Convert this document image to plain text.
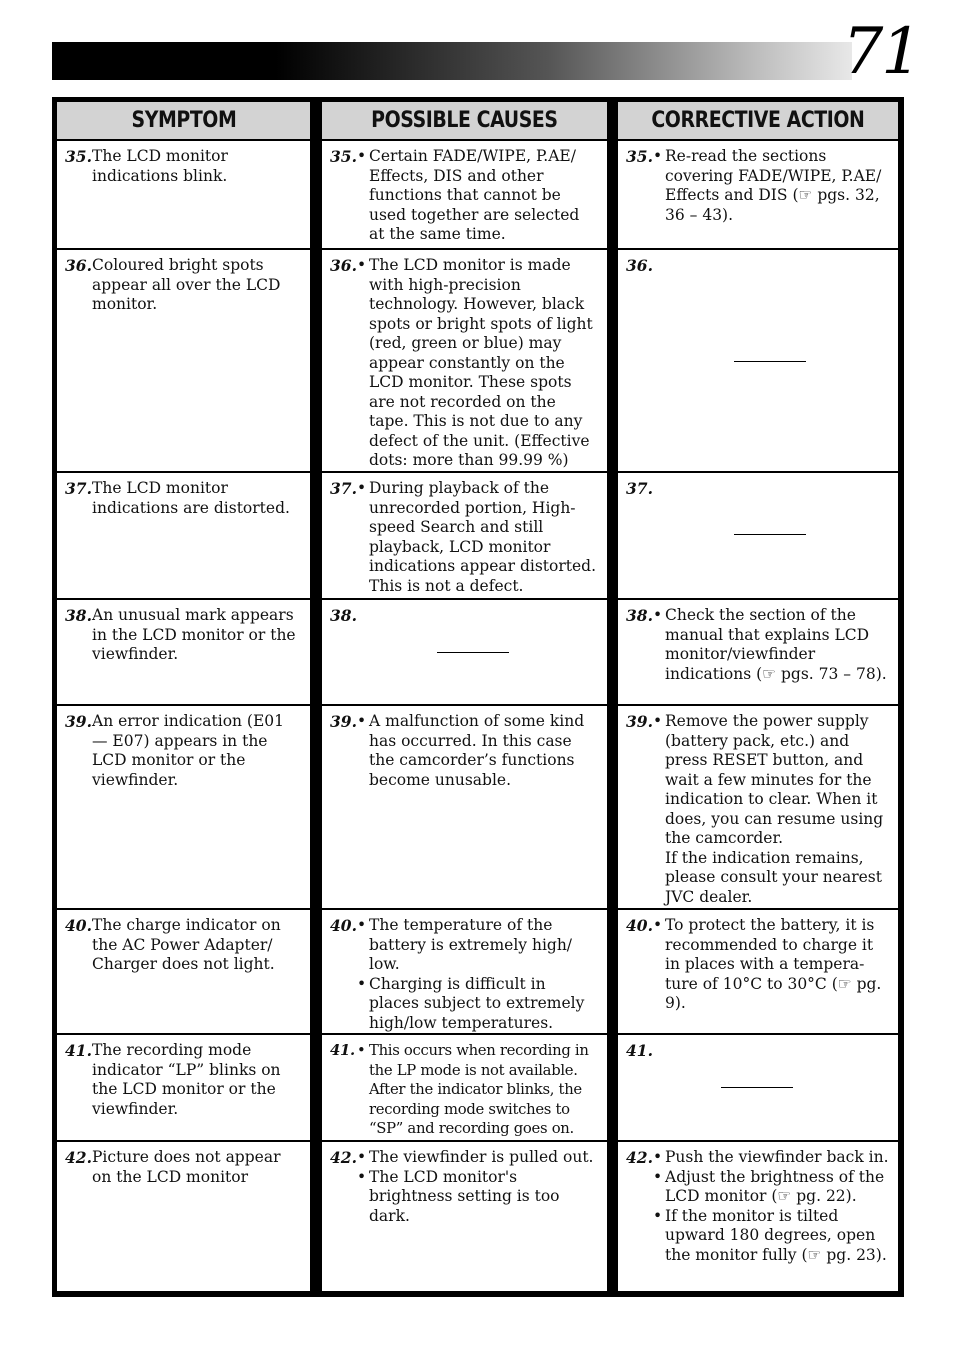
71
SYMPTOM
35. The LCD monitor indications blink.
36. Coloured bright spots appear all over the LCD monitor.
37. The LCD monitor indications are distorted.
38. An unusual mark appears in the LCD monitor or the viewfinder.
39. An error indication (E01 — E07) appears in the LCD monitor or the viewfinder.
40. The charge indicator on the AC Power Adapter/ Charger does not light.
41. The recording mode indicator “LP” blinks on the LCD monitor or the viewfinder.
42. Picture does not appear on the LCD monitor
POSSIBLE CAUSES
35. • Certain FADE/WIPE, P.AE/ Effects, DIS and other functions that cannot be used together are selected at the same time.
36. • The LCD monitor is made with high-precision technology. However, black spots or bright spots of light (red, green or blue) may appear constantly on the LCD monitor. These spots are not recorded on the tape. This is not due to any defect of the unit. (Effective dots: more than 99.99 %)
37. • During playback of the unrecorded portion, High-speed Search and still playback, LCD monitor indications appear distorted. This is not a defect.
38.
39. • A malfunction of some kind has occurred. In this case the camcorder’s functions become unusable.
40. • The temperature of the battery is extremely high/ low.
• Charging is difficult in places subject to extremely high/low temperatures.
41. • This occurs when recording in the LP mode is not available. After the indicator blinks, the recording mode switches to “SP” and recording goes on.
42. • The viewfinder is pulled out.
• The LCD monitor's brightness setting is too dark.
CORRECTIVE ACTION
35. • Re-read the sections covering FADE/WIPE, P.AE/ Effects and DIS (☞ pgs. 32, 36 – 43).
36.
37.
38. • Check the section of the manual that explains LCD monitor/viewfinder indications (☞ pgs. 73 – 78).
39. • Remove the power supply (battery pack, etc.) and press RESET button, and wait a few minutes for the indication to clear. When it does, you can resume using the camcorder.
If the indication remains, please consult your nearest JVC dealer.
40. • To protect the battery, it is recommended to charge it in places with a tempera- ture of 10°C to 30°C (☞ pg. 9).
41.
42. • Push the viewfinder back in.
• Adjust the brightness of the LCD monitor (☞ pg. 22).
• If the monitor is tilted upward 180 degrees, open the monitor fully (☞ pg. 23).
